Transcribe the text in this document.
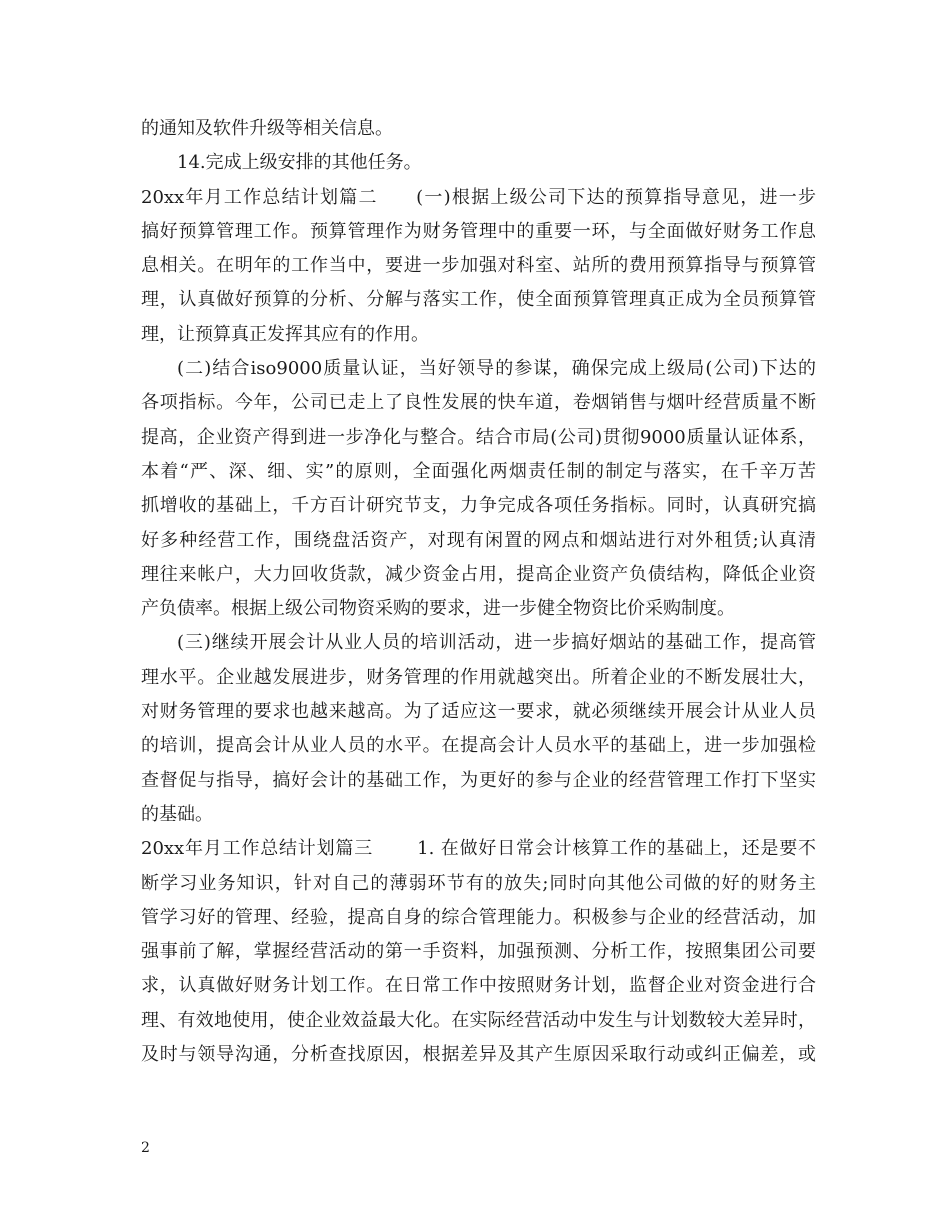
的通知及软件升级等相关信息。
14.完成上级安排的其他任务。
20xx年月工作总结计划篇二　　(一)根据上级公司下达的预算指导意见，进一步
搞好预算管理工作。预算管理作为财务管理中的重要一环，与全面做好财务工作息
息相关。在明年的工作当中，要进一步加强对科室、站所的费用预算指导与预算管
理，认真做好预算的分析、分解与落实工作，使全面预算管理真正成为全员预算管
理，让预算真正发挥其应有的作用。
(二)结合iso9000质量认证，当好领导的参谋，确保完成上级局(公司)下达的
各项指标。今年，公司已走上了良性发展的快车道，卷烟销售与烟叶经营质量不断
提高，企业资产得到进一步净化与整合。结合市局(公司)贯彻9000质量认证体系，
本着“严、深、细、实”的原则，全面强化两烟责任制的制定与落实，在千辛万苦
抓增收的基础上，千方百计研究节支，力争完成各项任务指标。同时，认真研究搞
好多种经营工作，围绕盘活资产，对现有闲置的网点和烟站进行对外租赁;认真清
理往来帐户，大力回收货款，减少资金占用，提高企业资产负债结构，降低企业资
产负债率。根据上级公司物资采购的要求，进一步健全物资比价采购制度。
(三)继续开展会计从业人员的培训活动，进一步搞好烟站的基础工作，提高管
理水平。企业越发展进步，财务管理的作用就越突出。所着企业的不断发展壮大，
对财务管理的要求也越来越高。为了适应这一要求，就必须继续开展会计从业人员
的培训，提高会计从业人员的水平。在提高会计人员水平的基础上，进一步加强检
查督促与指导，搞好会计的基础工作，为更好的参与企业的经营管理工作打下坚实
的基础。
20xx年月工作总结计划篇三　　 1. 在做好日常会计核算工作的基础上，还是要不
断学习业务知识，针对自己的薄弱环节有的放失;同时向其他公司做的好的财务主
管学习好的管理、经验，提高自身的综合管理能力。积极参与企业的经营活动，加
强事前了解，掌握经营活动的第一手资料，加强预测、分析工作，按照集团公司要
求，认真做好财务计划工作。在日常工作中按照财务计划，监督企业对资金进行合
理、有效地使用，使企业效益最大化。在实际经营活动中发生与计划数较大差异时，
及时与领导沟通，分析查找原因，根据差异及其产生原因采取行动或纠正偏差，或
2
